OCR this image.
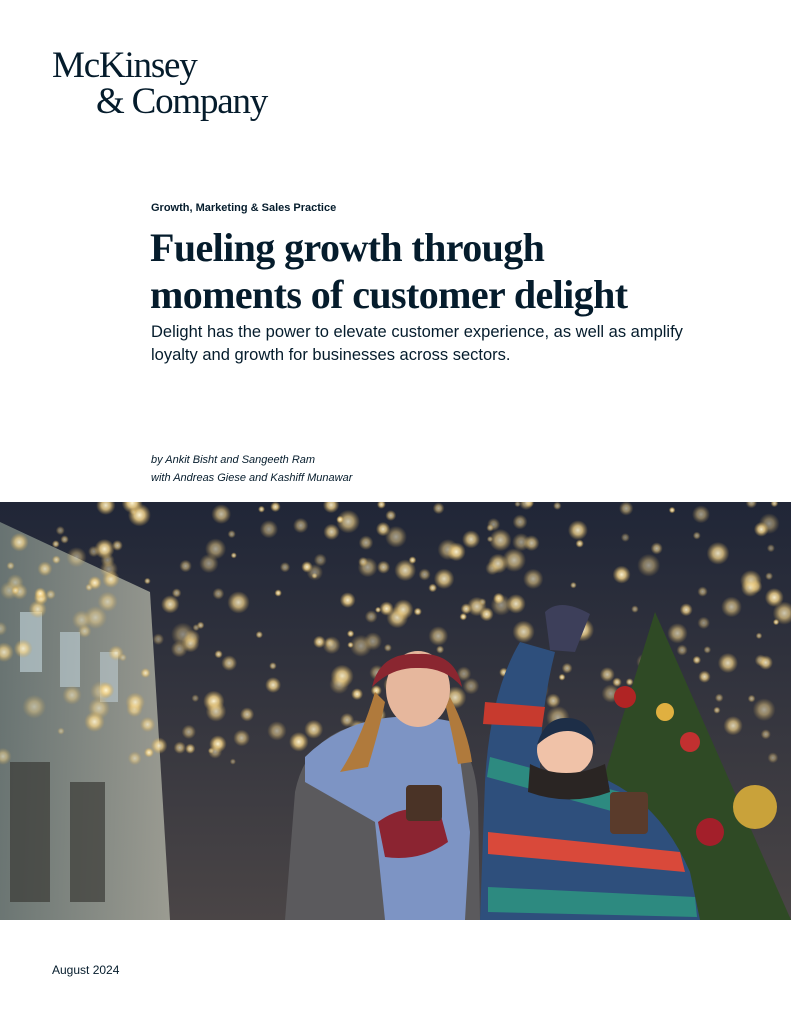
McKinsey
& Company
Growth, Marketing & Sales Practice
Fueling growth through
moments of customer delight

Delight has the power to elevate customer experience, as well as amplify
loyalty and growth for businesses across sectors.

by Ankit Bisht and Sangeeth Ram
with Andreas Giese and Kashiff Munawar
August 2024
